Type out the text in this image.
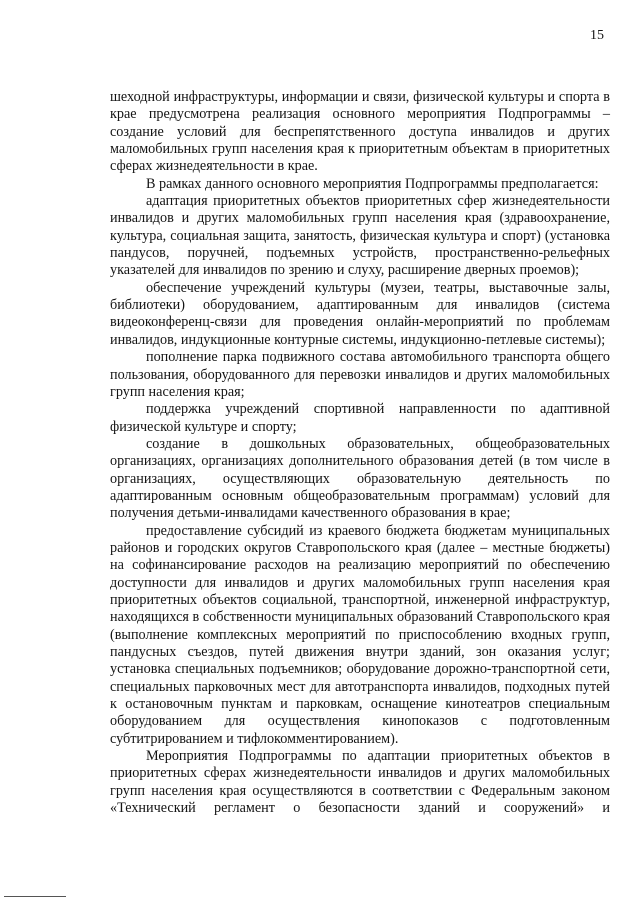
15

шеходной инфраструктуры, информации и связи, физической культуры и спорта в крае предусмотрена реализация основного мероприятия Подпрограммы – создание условий для беспрепятственного доступа инвалидов и других маломобильных групп населения края к приоритетным объектам в приоритетных сферах жизнедеятельности в крае.

В рамках данного основного мероприятия Подпрограммы предполагается:

адаптация приоритетных объектов приоритетных сфер жизнедеятельности инвалидов и других маломобильных групп населения края (здравоохранение, культура, социальная защита, занятость, физическая культура и спорт) (установка пандусов, поручней, подъемных устройств, пространственно-рельефных указателей для инвалидов по зрению и слуху, расширение дверных проемов);

обеспечение учреждений культуры (музеи, театры, выставочные залы, библиотеки) оборудованием, адаптированным для инвалидов (система видеоконференц-связи для проведения онлайн-мероприятий по проблемам инвалидов, индукционные контурные системы, индукционно-петлевые системы);

пополнение парка подвижного состава автомобильного транспорта общего пользования, оборудованного для перевозки инвалидов и других маломобильных групп населения края;

поддержка учреждений спортивной направленности по адаптивной физической культуре и спорту;

создание в дошкольных образовательных, общеобразовательных организациях, организациях дополнительного образования детей (в том числе в организациях, осуществляющих образовательную деятельность по адаптированным основным общеобразовательным программам) условий для получения детьми-инвалидами качественного образования в крае;

предоставление субсидий из краевого бюджета бюджетам муниципальных районов и городских округов Ставропольского края (далее – местные бюджеты) на софинансирование расходов на реализацию мероприятий по обеспечению доступности для инвалидов и других маломобильных групп населения края приоритетных объектов социальной, транспортной, инженерной инфраструктур, находящихся в собственности муниципальных образований Ставропольского края (выполнение комплексных мероприятий по приспособлению входных групп, пандусных съездов, путей движения внутри зданий, зон оказания услуг; установка специальных подъемников; оборудование дорожно-транспортной сети, специальных парковочных мест для автотранспорта инвалидов, подходных путей к остановочным пунктам и парковкам, оснащение кинотеатров специальным оборудованием для осуществления кинопоказов с подготовленным субтитрированием и тифлокомментированием).

Мероприятия Подпрограммы по адаптации приоритетных объектов в приоритетных сферах жизнедеятельности инвалидов и других маломобильных групп населения края осуществляются в соответствии с Федеральным законом «Технический регламент о безопасности зданий и сооружений» и
